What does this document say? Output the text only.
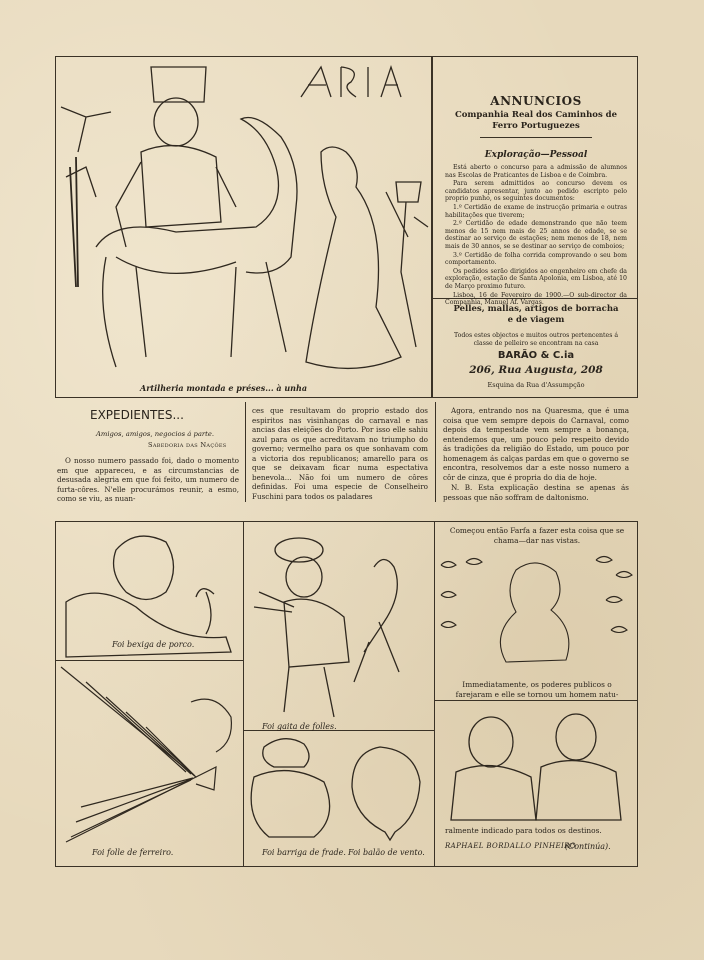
Artilheria montada e préses... à unha
ANNUNCIOS
Companhia Real dos Caminhos de Ferro Portuguezes
Exploração—Pessoal

Está aberto o concurso para a admissão de alumnos nas Escolas de Praticantes de Lisboa e de Coimbra.

Para serem admittidos ao concurso devem os candidatos apresentar, junto ao pedido escripto pelo proprio punho, os seguintes documentos:

1.º Certidão de exame de instrucção primaria e outras habilitações que tiverem;

2.º Certidão de edade demonstrando que não teem menos de 15 nem mais de 25 annos de edade, se se destinar ao serviço de estações; nem menos de 18, nem mais de 30 annos, se se destinar ao serviço de comboios;

3.º Certidão de folha corrida comprovando o seu bom comportamento.

Os pedidos serão dirigidos ao engenheiro em chefe da exploração, estação de Santa Apolonia, em Lisboa, até 10 de Março proximo futuro.

Lisboa, 16 de Fevereiro de 1900.—O sub-director da Companhia, Manuel Af. Vargas.

Pelles, mallas, artigos de borracha e de viagem
Todos estes objectos e muitos outros pertencentes á classe de pelleiro se encontram na casa
BARÃO & C.ia
206, Rua Augusta, 208
Esquina da Rua d'Assumpção
EXPEDIENTES...
Amigos, amigos, negocios á parte.
Sabedoria das Nações

O nosso numero passado foi, dado o momento em que appareceu, e as circumstancias de desusada alegria em que foi feito, um numero de furta-côres. N'elle procurámos reunir, a esmo, como se viu, as nuan-

ces que resultavam do proprio estado dos espiritos nas visinhanças do carnaval e nas ancias das eleições do Porto. Por isso elle sahiu azul para os que acreditavam no triumpho do governo; vermelho para os que sonhavam com a victoria dos republicanos; amarello para os que se deixavam ficar numa espectativa benevola... Não foi um numero de côres definidas. Foi uma especie de Conselheiro Fuschini para todos os paladares

Agora, entrando nos na Quaresma, que é uma coisa que vem sempre depois do Carnaval, como depois da tempestade vem sempre a bonança, entendemos que, um pouco pelo respeito devido ás tradições da religião do Estado, um pouco por homenagem ás calças pardas em que o governo se encontra, resolvemos dar a este nosso numero a côr de cinza, que é propria do dia de hoje.

N. B. Esta explicação destina se apenas ás pessoas que não soffram de daltonismo.

Foi bexiga de porco.
Foi folle de ferreiro.
Foi gaita de folles.
Foi barriga de frade. Foi balão de vento.
Começou então Farfa a fazer esta coisa que se chama—dar nas vistas.
Immediatamente, os poderes publicos o farejaram e elle se tornou um homem natu-
ralmente indicado para todos os destinos.
RAPHAEL BORDALLO PINHEIRO
(Continúa).
